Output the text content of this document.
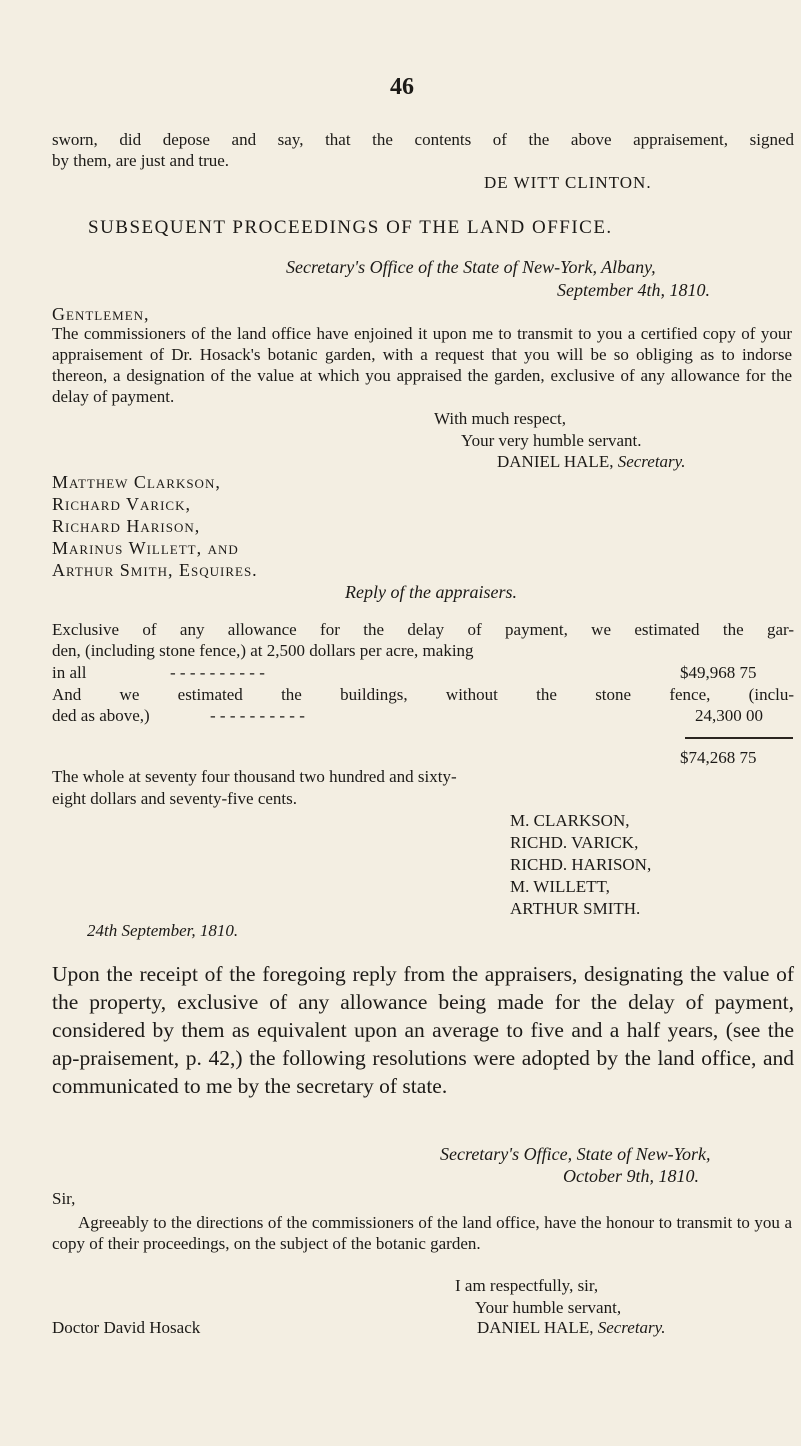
46
sworn, did depose and say, that the contents of the above appraisement, signed
by them, are just and true.
DE WITT CLINTON.
SUBSEQUENT PROCEEDINGS OF THE LAND OFFICE.
Secretary's Office of the State of New-York, Albany,
September 4th, 1810.
Gentlemen,
The commissioners of the land office have enjoined it upon me to transmit to you a certified copy of your appraisement of Dr. Hosack's botanic garden, with a request that you will be so obliging as to indorse thereon, a designation of the value at which you appraised the garden, exclusive of any allowance for the delay of payment.
With much respect,
Your very humble servant.
DANIEL HALE, Secretary.
Matthew Clarkson,
Richard Varick,
Richard Harison,
Marinus Willett, and
Arthur Smith, Esquires.
Reply of the appraisers.
Exclusive of any allowance for the delay of payment, we estimated the gar-
den, (including stone fence,) at 2,500 dollars per acre, making
in all	- - - - - - - - - -	$49,968 75
And we estimated the buildings, without the stone fence, (inclu-
ded as above,)	- - - - - - - - - -	24,300 00
$74,268 75
The whole at seventy four thousand two hundred and sixty-
eight dollars and seventy-five cents.
M. CLARKSON,
RICHD. VARICK,
RICHD. HARISON,
M. WILLETT,
ARTHUR SMITH.
24th September, 1810.
Upon the receipt of the foregoing reply from the appraisers, designating the value of the property, exclusive of any allowance being made for the delay of payment, considered by them as equivalent upon an average to five and a half years, (see the ap-praisement, p. 42,) the following resolutions were adopted by the land office, and communicated to me by the secretary of state.
Secretary's Office, State of New-York,
October 9th, 1810.
Sir,
Agreeably to the directions of the commissioners of the land office, have the honour to transmit to you a copy of their proceedings, on the subject of the botanic garden.
I am respectfully, sir,
Your humble servant,
Doctor David Hosack	DANIEL HALE, Secretary.
